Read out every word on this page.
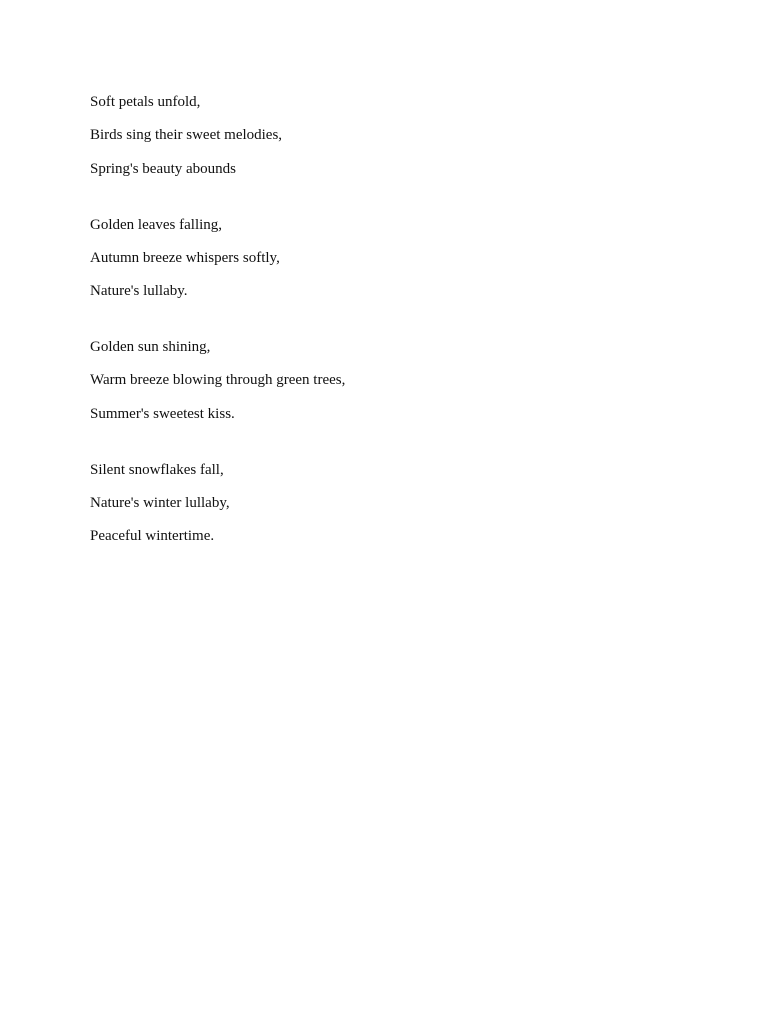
Soft petals unfold,
Birds sing their sweet melodies,
Spring's beauty abounds
Golden leaves falling,
Autumn breeze whispers softly,
Nature's lullaby.
Golden sun shining,
Warm breeze blowing through green trees,
Summer's sweetest kiss.
Silent snowflakes fall,
Nature's winter lullaby,
Peaceful wintertime.
